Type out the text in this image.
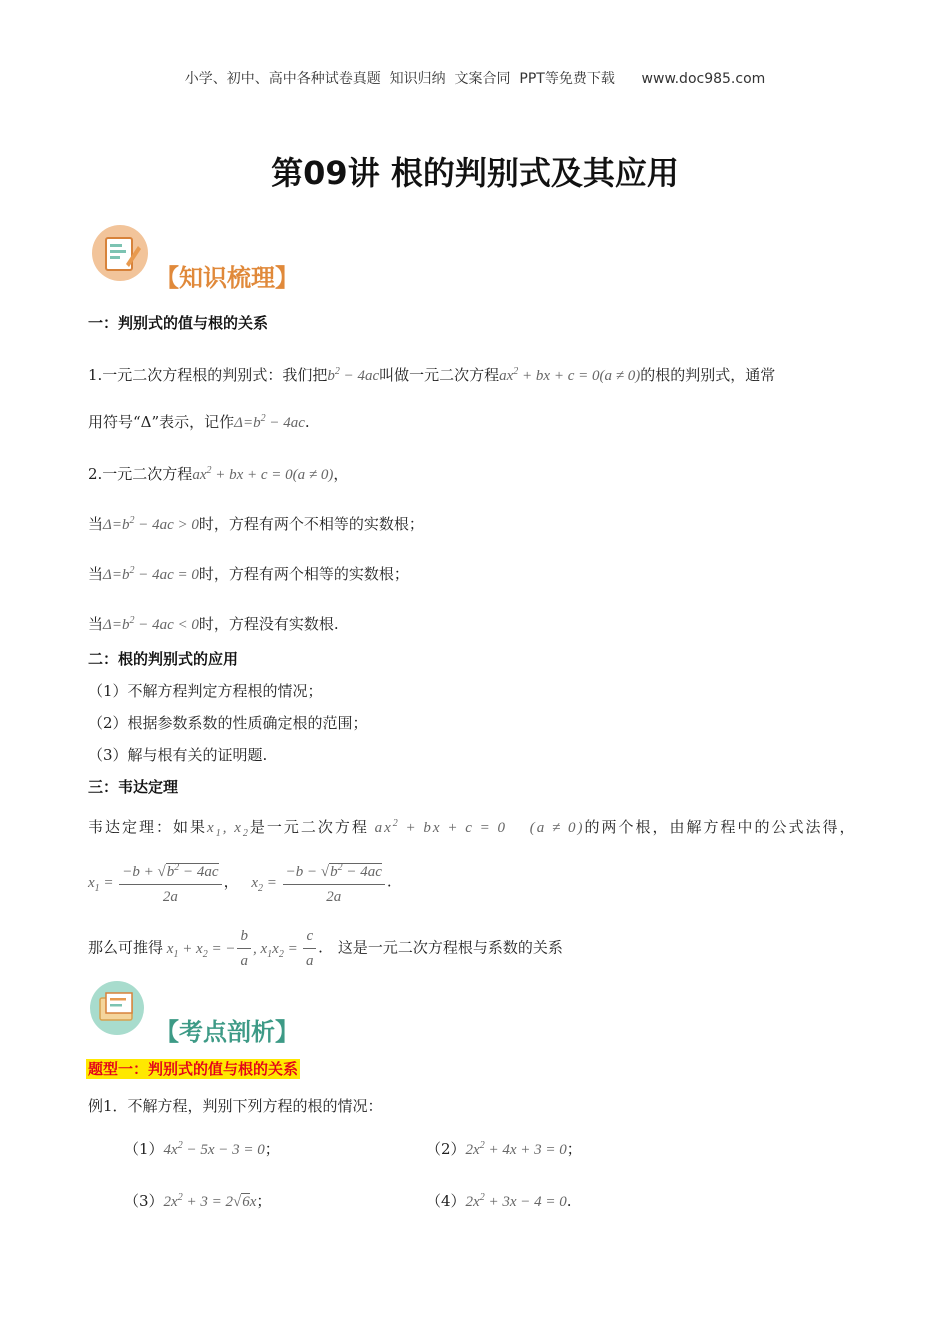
小学、初中、高中各种试卷真题  知识归纳  文案合同  PPT等免费下载      www.doc985.com
第09讲 根的判别式及其应用
【知识梳理】
一：判别式的值与根的关系
1.一元二次方程根的判别式：我们把$b^2 - 4ac$叫做一元二次方程$ax^2$ + bx + c = 0(a ≠ 0)的根的判别式，通常
用符号“Δ”表示，记作$\Delta=b^2 - 4ac$.
2.一元二次方程$ax^2$ + bx + c = 0(a ≠ 0)，
当$\Delta=b^2 - 4ac > 0$时，方程有两个不相等的实数根；
当$\Delta=b^2 - 4ac = 0$时，方程有两个相等的实数根；
当$\Delta=b^2 - 4ac < 0$时，方程没有实数根.
二：根的判别式的应用
（1）不解方程判定方程根的情况；
（2）根据参数系数的性质确定根的范围；
（3）解与根有关的证明题.
三：韦达定理
韦达定理：如果$x_1$, $x_2$是一元二次方程 $ax^2$ + bx + c = 0 　(a ≠ 0)的两个根，由解方程中的公式法得，
$x_1 = \frac{-b + √b^2 - 4ac}{2a}$ ， $x_2 = \frac{-b - √b^2 - 4ac}{2a}$ .
那么可推得 $x_1 + x_2$ = − $\frac{b}{a}$ , $x_1x_2 = \frac{c}{a}$ .　这是一元二次方程根与系数的关系
【考点剖析】
题型一：判别式的值与根的关系
例1．不解方程，判别下列方程的根的情况：
$(1)4x^2 - 5x - 3 = 0$；	$(2)2x^2 + 4x + 3 = 0$；
$(3)2x^2 + 3 = 2√6x$；	$(4)2x^2 + 3x - 4 = 0$.
